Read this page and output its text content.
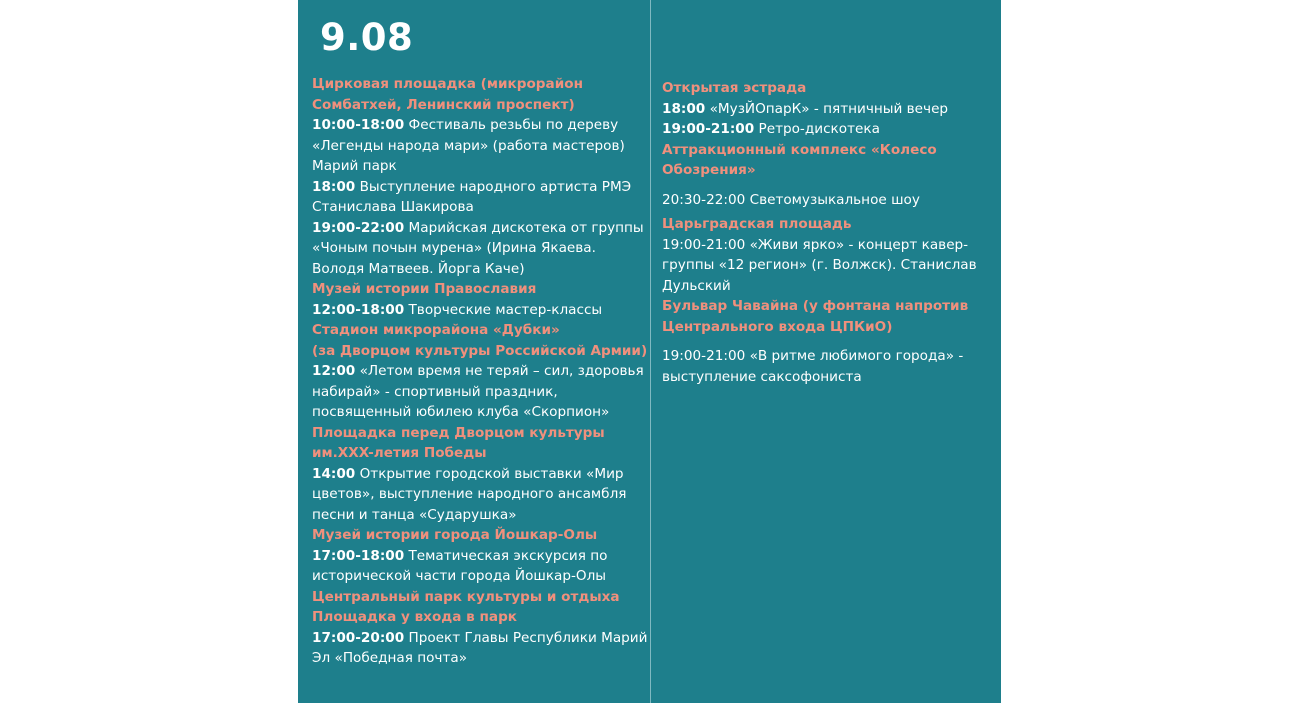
9.08
Цирковая площадка (микрорайон Сомбатхей, Ленинский проспект)
10:00-18:00 Фестиваль резьбы по дереву «Легенды народа мари» (работа мастеров) Марий парк
18:00 Выступление народного артиста РМЭ Станислава Шакирова
19:00-22:00 Марийская дискотека от группы «Чоным почын мурена» (Ирина Якаева. Володя Матвеев. Йорга Каче)
Музей истории Православия
12:00-18:00 Творческие мастер-классы
Стадион микрорайона «Дубки»
(за Дворцом культуры Российской Армии)
12:00 «Летом время не теряй – сил, здоровья набирай» - спортивный праздник, посвященный юбилею клуба «Скорпион»
Площадка перед Дворцом культуры им.XXX-летия Победы
14:00 Открытие городской выставки «Мир цветов», выступление народного ансамбля песни и танца «Сударушка»
Музей истории города Йошкар-Олы
17:00-18:00 Тематическая экскурсия по исторической части города Йошкар-Олы
Центральный парк культуры и отдыха
Площадка у входа в парк
17:00-20:00 Проект Главы Республики Марий Эл «Победная почта»
Открытая эстрада
18:00 «МузЙОпарК» - пятничный вечер
19:00-21:00 Ретро-дискотека
Аттракционный комплекс «Колесо Обозрения»
20:30-22:00 Светомузыкальное шоу
Царьградская площадь
19:00-21:00 «Живи ярко» - концерт кавер-группы «12 регион» (г. Волжск). Станислав Дульский
Бульвар Чавайна (у фонтана напротив Центрального входа ЦПКиО)
19:00-21:00 «В ритме любимого города» - выступление саксофониста
